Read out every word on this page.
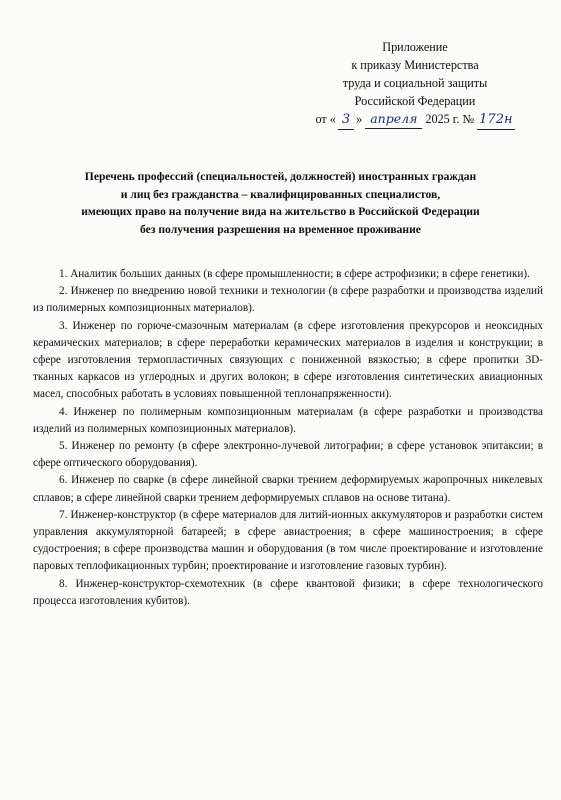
Приложение
к приказу Министерства
труда и социальной защиты
Российской Федерации
от « 3 » апреля 2025 г. № 172н
Перечень профессий (специальностей, должностей) иностранных граждан
и лиц без гражданства – квалифицированных специалистов,
имеющих право на получение вида на жительство в Российской Федерации
без получения разрешения на временное проживание

1. Аналитик больших данных (в сфере промышленности; в сфере астрофизики; в сфере генетики).

2. Инженер по внедрению новой техники и технологии (в сфере разработки и производства изделий из полимерных композиционных материалов).

3. Инженер по горюче-смазочным материалам (в сфере изготовления прекурсоров и неоксидных керамических материалов; в сфере переработки керамических материалов в изделия и конструкции; в сфере изготовления термопластичных связующих с пониженной вязкостью; в сфере пропитки 3D-тканных каркасов из углеродных и других волокон; в сфере изготовления синтетических авиационных масел, способных работать в условиях повышенной теплонапряженности).

4. Инженер по полимерным композиционным материалам (в сфере разработки и производства изделий из полимерных композиционных материалов).

5. Инженер по ремонту (в сфере электронно-лучевой литографии; в сфере установок эпитаксии; в сфере оптического оборудования).

6. Инженер по сварке (в сфере линейной сварки трением деформируемых жаропрочных никелевых сплавов; в сфере линейной сварки трением деформируемых сплавов на основе титана).

7. Инженер-конструктор (в сфере материалов для литий-ионных аккумуляторов и разработки систем управления аккумуляторной батареей; в сфере авиастроения; в сфере машиностроения; в сфере судостроения; в сфере производства машин и оборудования (в том числе проектирование и изготовление паровых теплофикационных турбин; проектирование и изготовление газовых турбин).

8. Инженер-конструктор-схемотехник (в сфере квантовой физики; в сфере технологического процесса изготовления кубитов).
